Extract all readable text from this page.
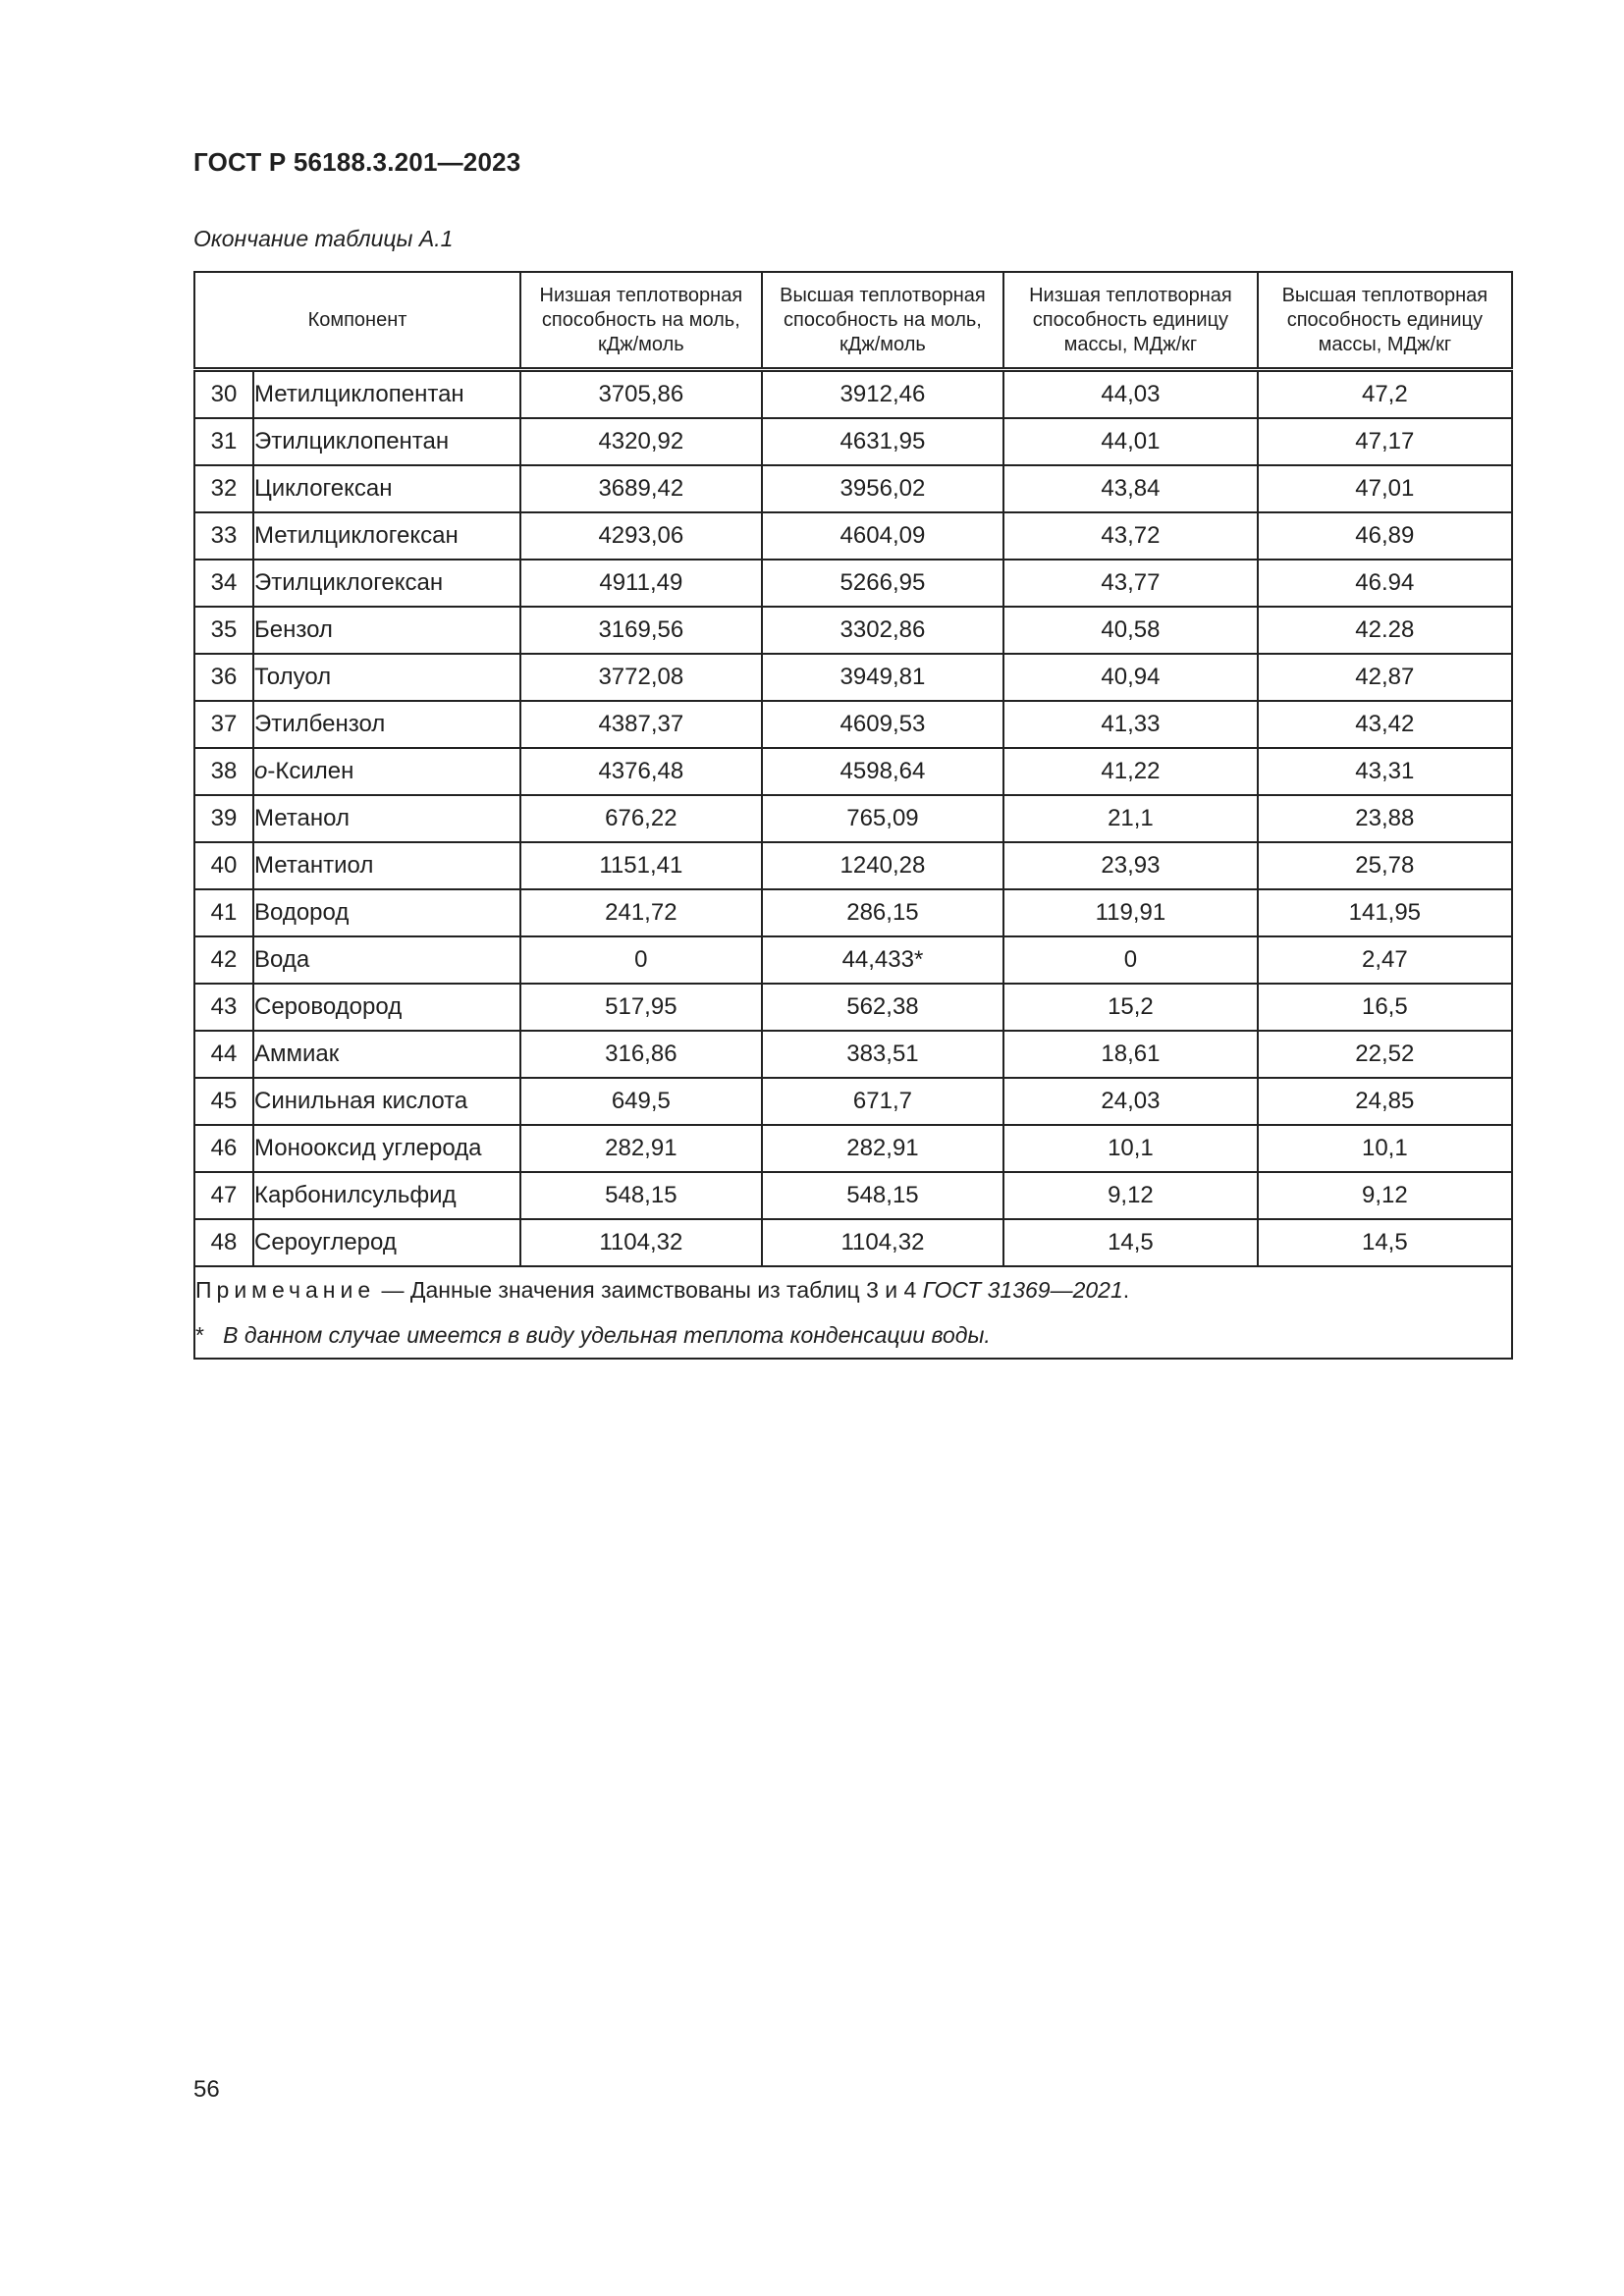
ГОСТ Р 56188.3.201—2023
Окончание таблицы А.1
Компонент		Низшая теплотворная способность на моль, кДж/моль	Высшая теплотворная способность на моль, кДж/моль	Низшая теплотворная способность единицу массы, МДж/кг	Высшая теплотворная способность единицу массы, МДж/кг
30	Метилциклопентан	3705,86	3912,46	44,03	47,2
31	Этилциклопентан	4320,92	4631,95	44,01	47,17
32	Циклогексан	3689,42	3956,02	43,84	47,01
33	Метилциклогексан	4293,06	4604,09	43,72	46,89
34	Этилциклогексан	4911,49	5266,95	43,77	46.94
35	Бензол	3169,56	3302,86	40,58	42.28
36	Толуол	3772,08	3949,81	40,94	42,87
37	Этилбензол	4387,37	4609,53	41,33	43,42
38	о-Ксилен	4376,48	4598,64	41,22	43,31
39	Метанол	676,22	765,09	21,1	23,88
40	Метантиол	1151,41	1240,28	23,93	25,78
41	Водород	241,72	286,15	119,91	141,95
42	Вода	0	44,433*	0	2,47
43	Сероводород	517,95	562,38	15,2	16,5
44	Аммиак	316,86	383,51	18,61	22,52
45	Синильная кислота	649,5	671,7	24,03	24,85
46	Монооксид углерода	282,91	282,91	10,1	10,1
47	Карбонилсульфид	548,15	548,15	9,12	9,12
48	Сероуглерод	1104,32	1104,32	14,5	14,5

Примечание — Данные значения заимствованы из таблиц 3 и 4 ГОСТ 31369—2021.
* В данном случае имеется в виду удельная теплота конденсации воды.					
56
